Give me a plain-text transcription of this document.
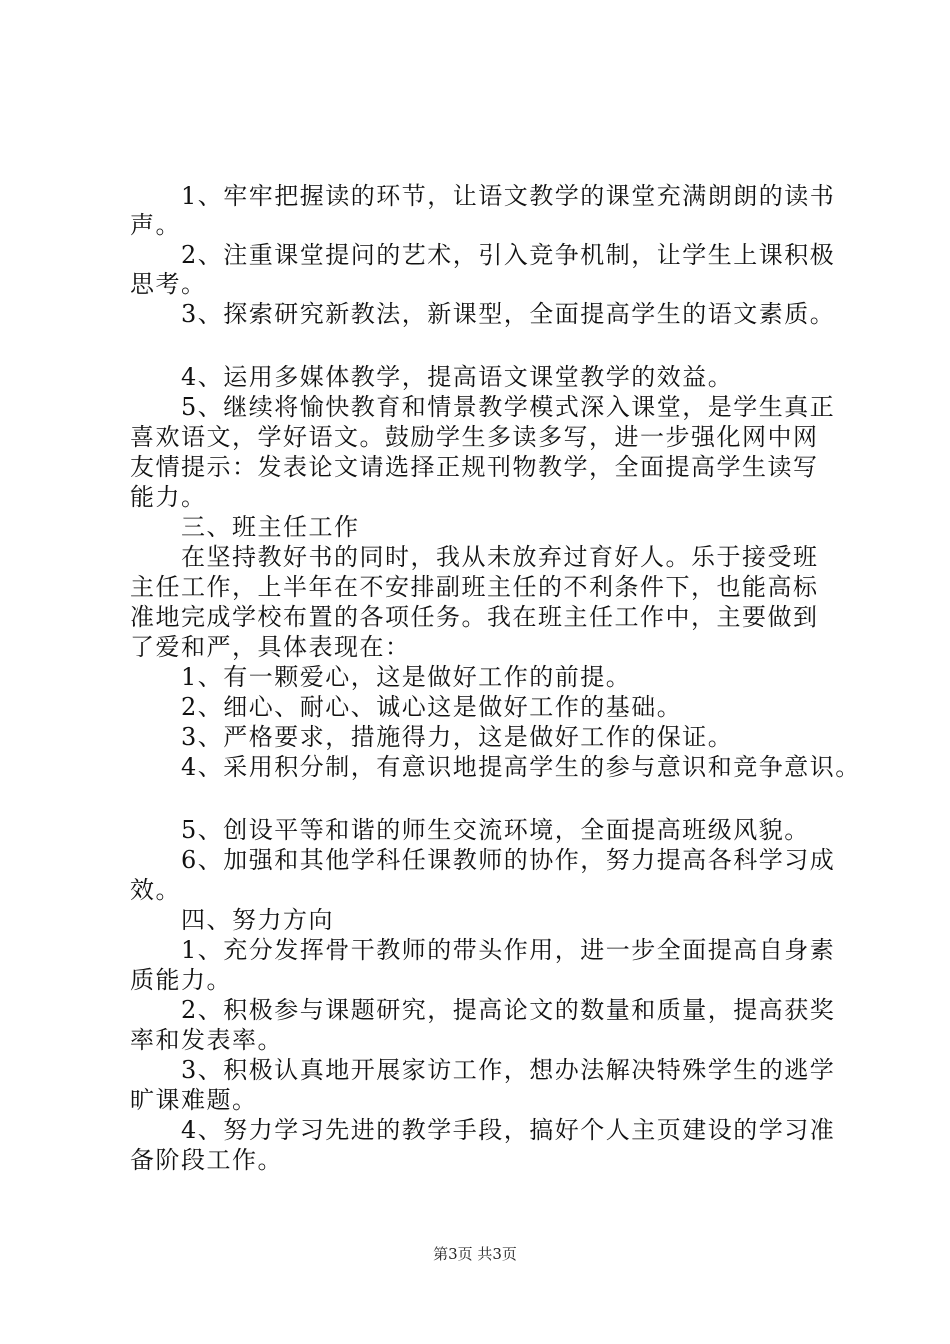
　　1、牢牢把握读的环节，让语文教学的课堂充满朗朗的读书
声。
　　2、注重课堂提问的艺术，引入竞争机制，让学生上课积极
思考。
　　3、探索研究新教法，新课型，全面提高学生的语文素质。
　　4、运用多媒体教学，提高语文课堂教学的效益。
　　5、继续将愉快教育和情景教学模式深入课堂，是学生真正
喜欢语文，学好语文。鼓励学生多读多写，进一步强化网中网
友情提示：发表论文请选择正规刊物教学，全面提高学生读写
能力。
　　三、班主任工作
　　在坚持教好书的同时，我从未放弃过育好人。乐于接受班
主任工作，上半年在不安排副班主任的不利条件下，也能高标
准地完成学校布置的各项任务。我在班主任工作中，主要做到
了爱和严，具体表现在：
　　1、有一颗爱心，这是做好工作的前提。
　　2、细心、耐心、诚心这是做好工作的基础。
　　3、严格要求，措施得力，这是做好工作的保证。
　　4、采用积分制，有意识地提高学生的参与意识和竞争意识。
　　5、创设平等和谐的师生交流环境，全面提高班级风貌。
　　6、加强和其他学科任课教师的协作，努力提高各科学习成
效。
　　四、努力方向
　　1、充分发挥骨干教师的带头作用，进一步全面提高自身素
质能力。
　　2、积极参与课题研究，提高论文的数量和质量，提高获奖
率和发表率。
　　3、积极认真地开展家访工作，想办法解决特殊学生的逃学
旷课难题。
　　4、努力学习先进的教学手段，搞好个人主页建设的学习准
备阶段工作。
第3页 共3页
